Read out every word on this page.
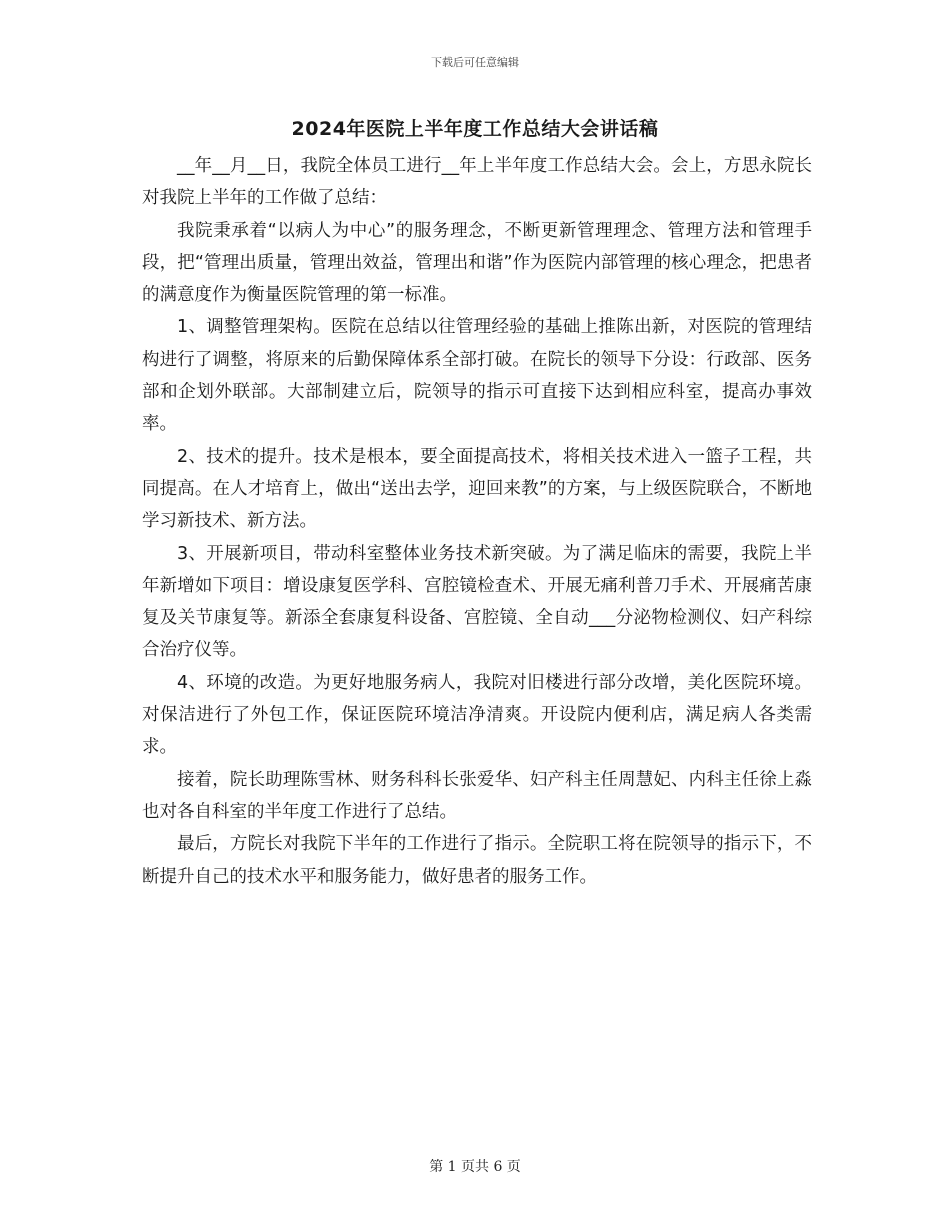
下载后可任意编辑
2024年医院上半年度工作总结大会讲话稿

__年__月__日，我院全体员工进行__年上半年度工作总结大会。会上，方思永院长对我院上半年的工作做了总结：

我院秉承着“以病人为中心”的服务理念，不断更新管理理念、管理方法和管理手段，把“管理出质量，管理出效益，管理出和谐”作为医院内部管理的核心理念，把患者的满意度作为衡量医院管理的第一标准。

1、调整管理架构。医院在总结以往管理经验的基础上推陈出新，对医院的管理结构进行了调整，将原来的后勤保障体系全部打破。在院长的领导下分设：行政部、医务部和企划外联部。大部制建立后，院领导的指示可直接下达到相应科室，提高办事效率。

2、技术的提升。技术是根本，要全面提高技术，将相关技术进入一篮子工程，共同提高。在人才培育上，做出“送出去学，迎回来教”的方案，与上级医院联合，不断地学习新技术、新方法。

3、开展新项目，带动科室整体业务技术新突破。为了满足临床的需要，我院上半年新增如下项目：增设康复医学科、宫腔镜检查术、开展无痛利普刀手术、开展痛苦康复及关节康复等。新添全套康复科设备、宫腔镜、全自动___分泌物检测仪、妇产科综合治疗仪等。

4、环境的改造。为更好地服务病人，我院对旧楼进行部分改增，美化医院环境。对保洁进行了外包工作，保证医院环境洁净清爽。开设院内便利店，满足病人各类需求。

接着，院长助理陈雪林、财务科科长张爱华、妇产科主任周慧妃、内科主任徐上淼也对各自科室的半年度工作进行了总结。

最后，方院长对我院下半年的工作进行了指示。全院职工将在院领导的指示下，不断提升自己的技术水平和服务能力，做好患者的服务工作。

第 1 页共 6 页
